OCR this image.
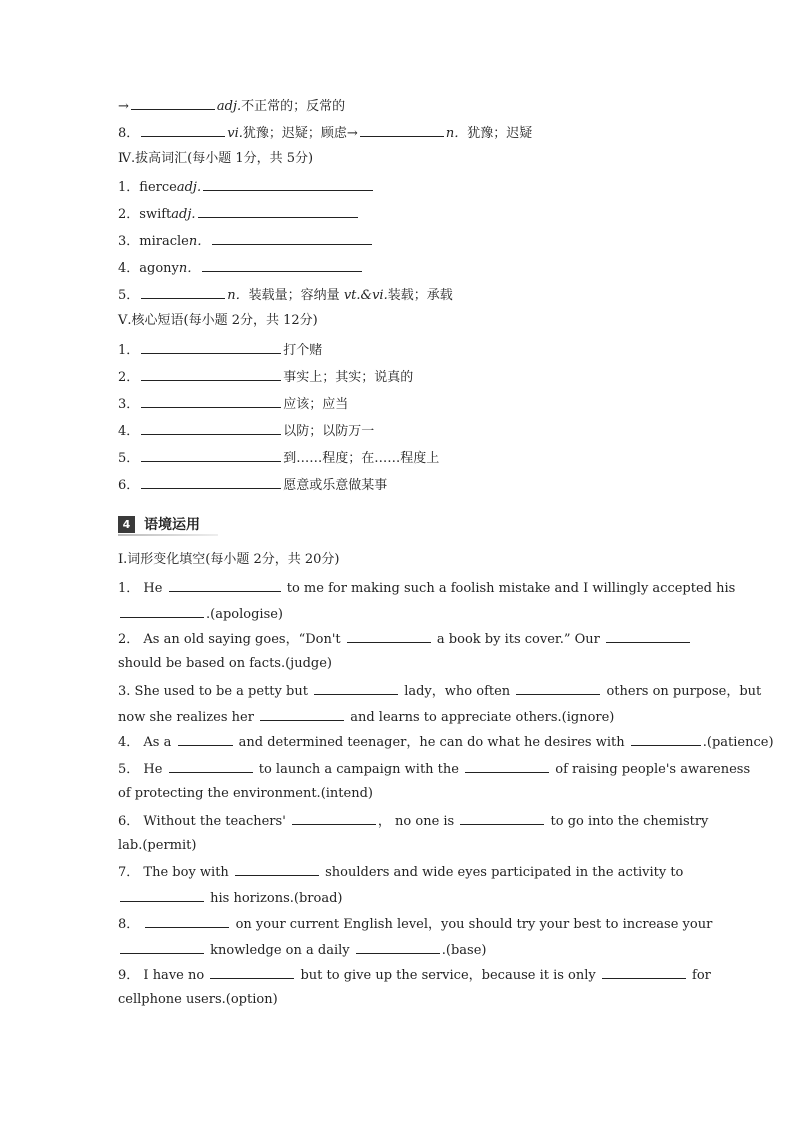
→	adj.不正常的；反常的
8．	vi.犹豫；迟疑；顾虑→	n．犹豫；迟疑
Ⅳ.拔高词汇(每小题 1分，共 5分)
1．fierceadj.
2．swiftadj.
3．miraclen．
4．agonyn．
5．	n．装载量；容纳量 vt.&vi.装载；承载
Ⅴ.核心短语(每小题 2分，共 12分)
1．	打个赌
2．	事实上；其实；说真的
3．	应该；应当
4．	以防；以防万一
5．	到……程度；在……程度上
6．	愿意或乐意做某事
4 语境运用
Ⅰ.词形变化填空(每小题 2分，共 20分)
1． He	to me for making such a foolish mistake and I willingly accepted his
.(apologise)
2． As an old saying goes，“Don't	a book by its cover.” Our
should be based on facts.(judge)
3. She used to be a petty but	lady，who often	others on purpose，but
now she realizes her	and learns to appreciate others.(ignore)
4． As a	and determined teenager，he can do what he desires with	.(patience)
5． He	to launch a campaign with the	of raising people's awareness
of protecting the environment.(intend)
6． Without the teachers'	， no one is	to go into the chemistry
lab.(permit)
7． The boy with	shoulders and wide eyes participated in the activity to
his horizons.(broad)
8．	on your current English level，you should try your best to increase your
knowledge on a daily	.(base)
9． I have no	but to give up the service，because it is only	for
cellphone users.(option)
